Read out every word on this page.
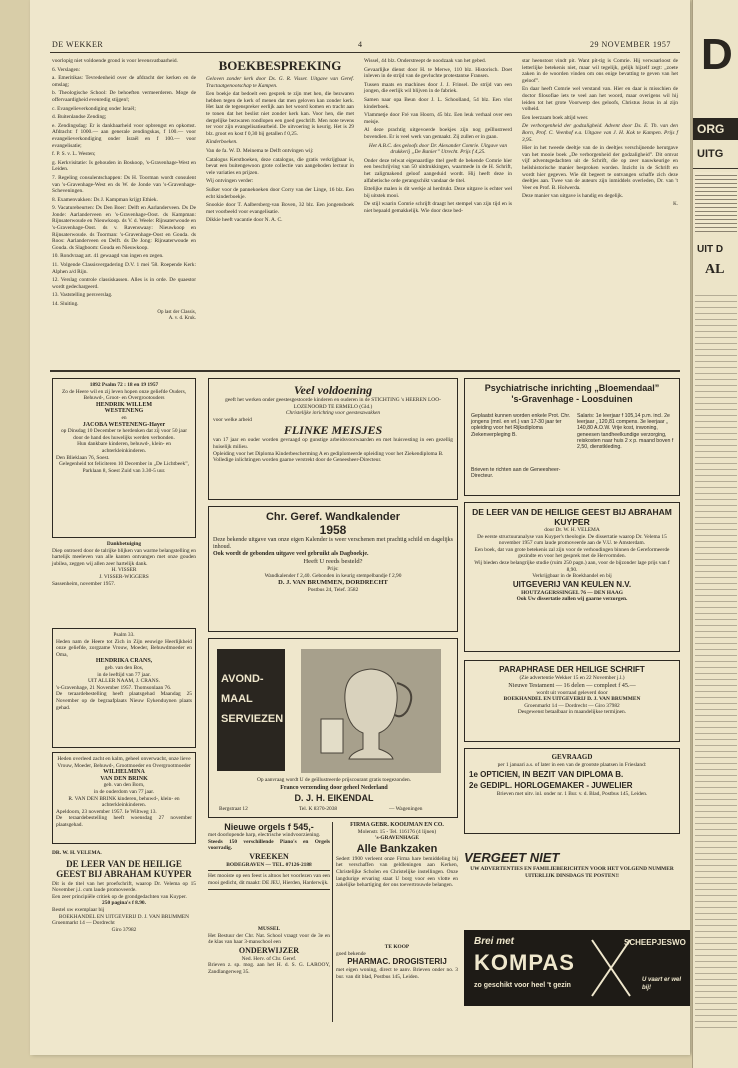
DE WEKKER	4	29 NOVEMBER 1957

voorlopig niet voldoende grond is voor levensvatbaarheid.

6. Verslagen:

a. Emeritikas: Tevredenheid over de afdracht der kerken en de omslag;

b. Theologische School: De behoeften vermeerderen. Moge de offervaardigheid evenredig stijgen!;

c. Evangelieverkondiging onder Israël;

d. Buitenlandse Zending;

e. Zendingsdag: Er is dankbaarheid voor opbrengst en opkomst. Afdracht: f 1000.— aan generale zendingskas, f 100.— voor evangelieverkondiging onder Israël en f 100.— voor evangelisatie;

f. P. S. v. L. Westen;

g. Kerkvisitatie: Is gehouden in Boskoop, 's-Gravenhage-West en Leiden.

7. Regeling consulentschappen: Ds H. Toorman wordt consulent van 's-Gravenhage-West en ds W. de Jonde van 's-Gravenhage-Scheveningen.

8. Examenvakken: Ds J. Kampman krijgt Ethiek.

9. Vacaturebeurten: Ds Den Boer: Delft en Aarlanderveen. Ds De Jonde: Aarlanderveen en 's-Gravenhage-Oost. ds Kampman: Rijnsaterwoude en Nieuwkoop. ds V. d. Weele: Rijnsaterwoude en 's-Gravenhage-Oost. ds v. Ravenswaay: Nieuwkoop en Rijnsaterwoude. ds Toorman: 's-Gravenhage-Oost en Gouda. ds Roos: Aarlanderveen en Delft. ds De Jong: Rijnsaterwoude en Gouda. ds Slagboom: Gouda en Nieuwkoop.

10. Rondvraag art. 41 gewaagd van ingen en zegen.

11. Volgende Classisvergadering D.V. 1 mei '58. Roepende Kerk: Alphen a/d Rijn.

12. Verslag controle classiskassen. Alles is in orde. De quaestor wordt gedechargeerd.

13. Vaststelling persverslag.

14. Sluiting.

Op last der Classis,
A. v. d. Kruk.
BOEKBESPREKING

Geloven zonder kerk door Ds. G. R. Visser. Uitgave van Geref. Tractaatgenootschap te Kampen.

Een boekje dat bedoelt een gesprek te zijn met hen, die bezwaren hebben tegen de kerk of menen dat men geloven kan zonder kerk. Het laat de tegenspreker eerlijk aan het woord komen en tracht aan te tonen dat het beslist niet zonder kerk kan. Voor hen, die met dergelijke bezwaren rondlopen een goed geschrift. Men note tevens ter voor zijn evangelisatiearbeid. De uitvoering is keurig. Het is 29 blz. groot en kost f 0,30 bij getallen f 0,25.

Kinderboeken.

Van de fa. W. D. Meinema te Delft ontvingen wij:

Catalogus Kerstboeken, deze catalogus, die gratis verkrijgbaar is, bevat een buitengewoon grote collectie van aangeboden lectuur in vele variaties en prijzen.

Wij ontvingen verder:

Sulker voor de pannekoeken door Corry van der Linge, 16 blz. Een echt kinderboekje.

Snookie door T. Aalbersberg-van Boven, 32 blz. Een jongensboek met voorbeeld voor evangelisatie.

Dikkie heeft vacantie door N. A. C.

Wissel, 44 blz. Onderstreept de noodzaak van het gebed.

Gevaarlijke dienst door H. te Merwe, 110 blz. Historisch. Doet inleven in de strijd van de gevluchte protestantse Fransen.

Tussen maats en machines door J. J. Frinsel. De strijd van een jongen, die eerlijk wil blijven in de fabriek.

Samen naar opa Beun door J. L. Schoolland, 54 blz. Een vlot kinderboek.

Vlammetje door Fré van Hoorn, 45 blz. Een leuk verhaal over een meisje.

Al deze prachtig uitgevoerde boekjes zijn nog geïllustreerd bovendien. Er is veel werk van gemaakt. Zij zullen er in gaan.

Het A.B.C. des geloofs door Dr. Alexander Comrie. Uitgave van drukkerij „De Banier” Utrecht. Prijs f 4,25.

Onder deze telwat eigenaardige titel geeft de bekende Comrie hier een beschrijving van 50 uitdrukkingen, waarmede in de H. Schrift, het zaligmakend geloof aangeduid wordt. Hij heeft deze in alfabetische orde gerangschikt vandaar de titel.

Ettelijke malen is dit werkje al herdrukt. Deze uitgave is echter wel bij uitstek mooi.

De stijl waarin Comrie schrijft draagt het stempel van zijn tijd en is niet bepaald gemakkelijk. Wie door deze bed-

star heenstoot vindt pit. Want pit-tig is Comrie. Hij verwaarloost de letterlijke betekenis niet, maar wil tegelijk, gelijk hijzelf zegt: „zoete zaken in de woorden vinden om ons enige bevatting te geven van het geloof”.

En daar heeft Comrie wel verstand van. Hier en daar is misschien de doctor filosofiae iets te veel aan het woord, maar overigens wil hij leiden tot het grote Voorwerp des geloofs, Christus Jezus in al zijn volheid.

Een leerzaam boek altijd weer.

De verborgenheid der godzaligheid. Advent door Ds. E. Th. van den Born, Prof. C. Veenhof e.a. Uitgave van J. H. Kok te Kampen. Prijs f 3,95.

Hier in het tweede deeltje van de in deeltjes verschijnende herutgave van het mooie boek „De verborgenheid der godzaligheid”. Dit omvat vijf adventsgedachten uit de Schrift, die op zeer nauwkeurige en heilshistorische manier besproken worden. Inzicht in de Schrift en wordt hier gegeven. Wie dit begeert te ontvangen schaffe zich deze deeltjes aan. Twee van de auteurs zijn inmiddels overleden, Dr. van 't Veer en Prof. B. Holwerda.

Deze manier van uitgave is handig en degelijk.

K.
1892 Psalm 72 : 18 en 19 1957
Zo de Heere wil en zij leven hopen onze geliefde Ouders, Behuwd-, Groot- en Overgrootouders
HENDRIK WILLEM
WESTENENG
en
JACOBA WESTENENG-Hayer
op Dinsdag 10 December te herdenken dat zij voor 50 jaar door de hand des huwelijks werden verbonden.
Hun dankbare kinderen, behuwd-, klein- en achterkleinkinderen.
Den Blieklaan 76, Soest.
Gelegenheid tot feliciteren 10 December in „De Lichtbeek”, Parklaan 8, Soest Zuid van 3.30-5 uur.
Dankbetuiging
Diep ontroerd door de talrijke blijken van warme belangstelling en hartelijk meeleven van alle kanten ontvangen met onze gouden jubilea, zeggen wij allen zeer hartelijk dank.
H. VISSER
J. VISSER-WIGGERS
Sassenheim, november 1957.
Psalm 33.
Heden nam de Heere tot Zich in Zijn eeuwige Heerlijkheid onze geliefde, zorgzame Vrouw, Moeder, Behuwdmoeder en Oma,
HENDRIKA CRANS,
geb. van den Bos,
in de leeftijd van 77 jaar.
UIT ALLER NAAM, J. CRANS.
's-Gravenhage, 21 November 1957. Thomsonlaan 76.
De teraardebestelling heeft plaatsgehad Maandag 25 November op de begraafplaats Nieuw Eykenduynen plaats gehad.
Heden overleed zacht en kalm, geheel onverwacht, onze lieve Vrouw, Moeder, Behuwd-, Grootmoeder en Overgrootmoeder
WILHELMINA
VAN DEN BRINK
geb. van den Born,
in de ouderdom van 77 jaar.
R. VAN DEN BRINK kinderen, behuwd-, klein- en achterkleinkinderen.
Apeldoorn, 23 november 1957. Ie Wiltweg 13.
De teraardebestelling heeft woensdag 27 november plaatsgehad.
DR. W. H. VELEMA.
DE LEER VAN DE HEILIGE GEEST BIJ ABRAHAM KUYPER
Dit is de titel van het proefschrift, waarop Dr. Velema op 15 November j.l. cum laude promoveerde.
Een zeer principiële critiek op de grondgedachten van Kuyper.
250 pagina's f 8.90.
Bestel uw exemplaar bij
BOEKHANDEL EN UITGEVERIJ D. J. VAN BRUMMEN
Groenmarkt 14 — Dordrecht
Giro 37982
Veel voldoening
geeft het werken onder geestesgestoorde kinderen en ouderen in de STICHTING 's HEEREN LOO-LOZENOORD TE ERMELO (Gld.)
Christelijke inrichting voor geesteszwakken
voor welke arbeid
FLINKE MEISJES
van 17 jaar en ouder worden gevraagd op gunstige arbeidsvoorwaarden en met huisvesting in een gezellig huiselijk milieu.
Opleiding voor het Diploma Kinderbescherming A en gediplomeerde opleiding voor het Ziekendiploma B.
Volledige inlichtingen worden gaarne verstrekt door de Geneesheer-Directeur.
Chr. Geref. Wandkalender
1958
Deze bekende uitgave van onze eigen Kalender is weer verschenen met prachtig schild en dagelijks inhoud.
Ook wordt de gebonden uitgave veel gebruikt als Dagboekje.
Heeft U reeds besteld?
Prijs:
Wandkalender f 2,40. Gebonden in keurig stempelbandje f 2,90
D. J. VAN BRUMMEN, DORDRECHT
Postbus 24, Telef. 3582
AVOND-
MAAL
SERVIEZEN
Op aanvraag wordt U de geïllustreerde prijscourant gratis toegezonden.
Franco verzending door geheel Nederland
D. J. H. EIKENDAL
Bergstraat 12	Tel. K 8370-2038	— Wageningen
Nieuwe orgels f 545,-
met doorlopende harp, electrische windvoorziening.
Steeds 150 verschillende Piano's en Orgels voorradig.
VREEKEN
BODEGRAVEN — TEL. 07126-2188
Het mooiste op een feest is altoos het voorlezen van een mooi gedicht, dit maakt: DE JEU, Hierden, Harderwijk.
MUSSEL
Het Bestuur der Chr. Nat. School vraagt voor de 3e en 4e klas van haar 3-manschool een
ONDERWIJZER
Ned. Herv. of Chr. Geref.
Brieven z. sp. mog. aan het H. d. S. G. LAROOY, Zandlangerweg 35.
FIRMA GEBR. KOOIJMAN EN CO.
Molenstr. 15 - Tel. 116176 (4 lijnen)
's-GRAVENHAGE
Alle Bankzaken
Sedert 1900 verleent onze Firma hare bemiddeling bij het verschaffen van geldleningen aan Kerken, Christelijke Scholen en Christelijke instellingen. Onze langdurige ervaring staat U borg voor een vlotte en zakelijke behartiging der ons toevertrouwde belangen.
TE KOOP
goed bekende
PHARMAC. DROGISTERIJ
met eigen woning, direct te aanv. Brieven onder no. 3 bur. van dit blad, Postbus 145, Leiden.
Psychiatrische inrichting „Bloemendaal”
's-Gravenhage - Loosduinen
Geplaatst kunnen worden enkele Prot. Chr. jongens (mnl. en vrl.) van 17-30 jaar ter opleiding voor het Rijksdiploma Ziekenverpleging B.
Brieven te richten aan de Geneesheer-Directeur.
Salaris: 1e leerjaar f 105,14 p.m. incl. 2e leerjaar „ 120,81 compens. 3e leerjaar „ 140,80 A.O.W. Vrije kost, inwoning, geneesen tandheelkundige verzorging, reiskosten naar huis 2 x p. maand boven f 2,50, dienstkleding.
DE LEER VAN DE HEILIGE GEEST BIJ ABRAHAM KUYPER
door Dr. W. H. VELEMA
De eerste structuuranalyse van Kuyper's theologie. De dissertatie waarop Dr. Velema 15 november 1957 cum laude promoveerde aan de V.U. te Amsterdam.
Een boek, dat van grote betekenis zal zijn voor de verhoudingen binnen de Gereformeerde gezindte en voor het gesprek met de Hervormden.
Wij bieden deze belangrijke studie (ruim 250 pagn.) aan, voor de bijzonder lage prijs van f 8,90.
Verkrijgbaar in de Boekhandel en bij
UITGEVERIJ VAN KEULEN N.V.
HOUTZAGERSSINGEL 76 — DEN HAAG
Ook Uw dissertatie zullen wij gaarne verzorgen.
PARAPHRASE DER HEILIGE SCHRIFT
(Zie advertentie Wekker 15 en 22 November j.l.)
Nieuwe Testament — 16 delen — compleet f 45.—
wordt uit voorraad geleverd door
BOEKHANDEL EN UITGEVERIJ D. J. VAN BRUMMEN
Groenmarkt 14 — Dordrecht — Giro 37982
Desgewenst betaalbaar in maandelijkse termijnen.
GEVRAAGD
per 1 januari a.s. of later in een van de grootste plaatsen in Friesland:
1e OPTICIEN, IN BEZIT VAN DIPLOMA B.
2e GEDIPL. HORLOGEMAKER - JUWELIER
Brieven met uitv. inl. onder nr. 1 Bur. v. d. Blad, Postbus 145, Leiden.
VERGEET NIET
UW ADVERTENTIES EN FAMILIEBERICHTEN VOOR HET VOLGEND NUMMER UITERLIJK DINSDAGS TE POSTEN!!
Brei met
KOMPAS
zo geschikt voor heel 't gezin
SCHEEPJESWO
U vaart er wel bij!
D
ORG
UITG
UIT D
AL
